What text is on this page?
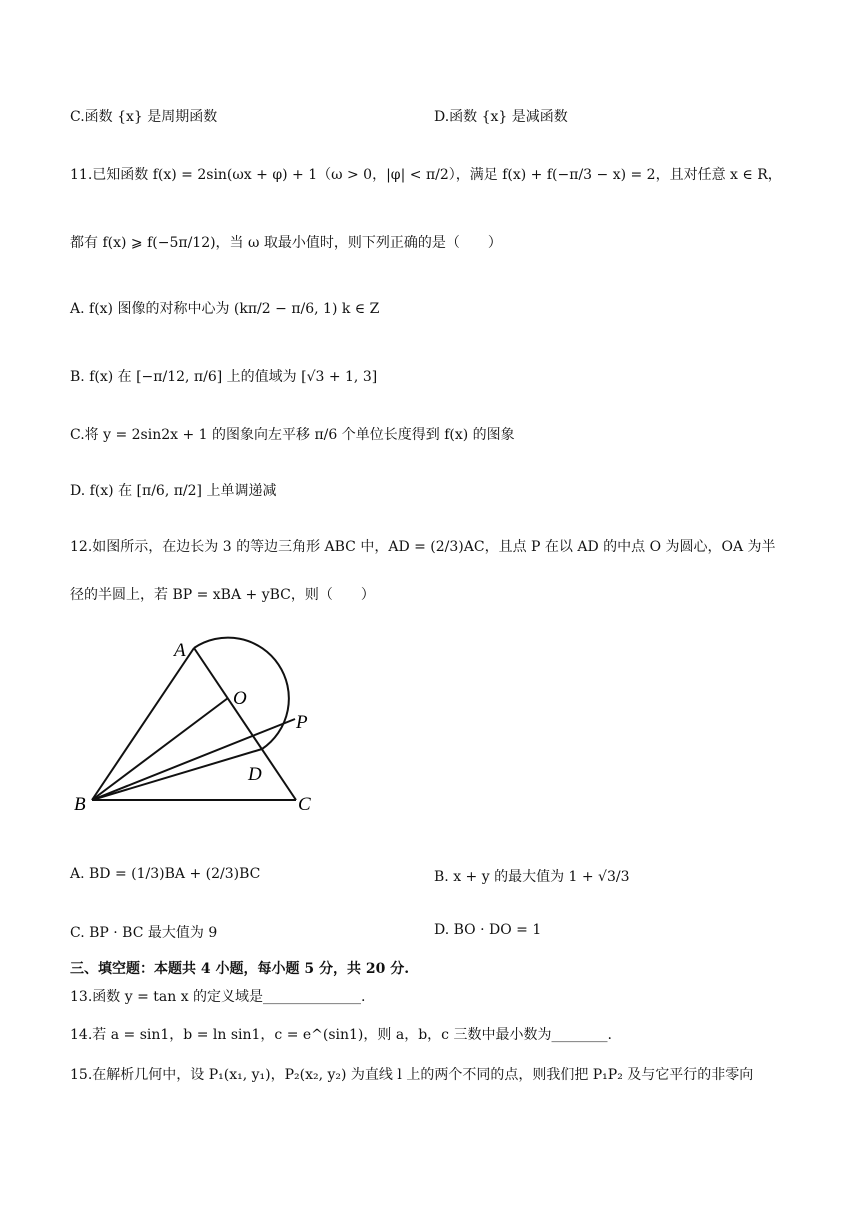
C.函数 {x} 是周期函数	D.函数 {x} 是减函数
11.已知函数 f(x) = 2sin(ωx + φ) + 1（ω > 0，|φ| < π/2），满足 f(x) + f(−π/3 − x) = 2，且对任意 x ∈ R，
都有 f(x) ⩾ f(−5π/12)，当 ω 取最小值时，则下列正确的是（　　）
A. f(x) 图像的对称中心为 (kπ/2 − π/6, 1) k ∈ Z
B. f(x) 在 [−π/12, π/6] 上的值域为 [√3 + 1, 3]
C.将 y = 2sin2x + 1 的图象向左平移 π/6 个单位长度得到 f(x) 的图象
D. f(x) 在 [π/6, π/2] 上单调递减
12.如图所示，在边长为 3 的等边三角形 ABC 中，AD = (2/3)AC，且点 P 在以 AD 的中点 O 为圆心，OA 为半
径的半圆上，若 BP = xBA + yBC，则（　　）
A
O
P
D
B	C
A. BD = (1/3)BA + (2/3)BC	B. x + y 的最大值为 1 + √3/3
C. BP · BC 最大值为 9	D. BO · DO = 1
三、填空题：本题共 4 小题，每小题 5 分，共 20 分.
13.函数 y = tan x 的定义域是______________.
14.若 a = sin1，b = ln sin1，c = e^(sin1)，则 a，b，c 三数中最小数为________.
15.在解析几何中，设 P₁(x₁, y₁)，P₂(x₂, y₂) 为直线 l 上的两个不同的点，则我们把 P₁P₂ 及与它平行的非零向
